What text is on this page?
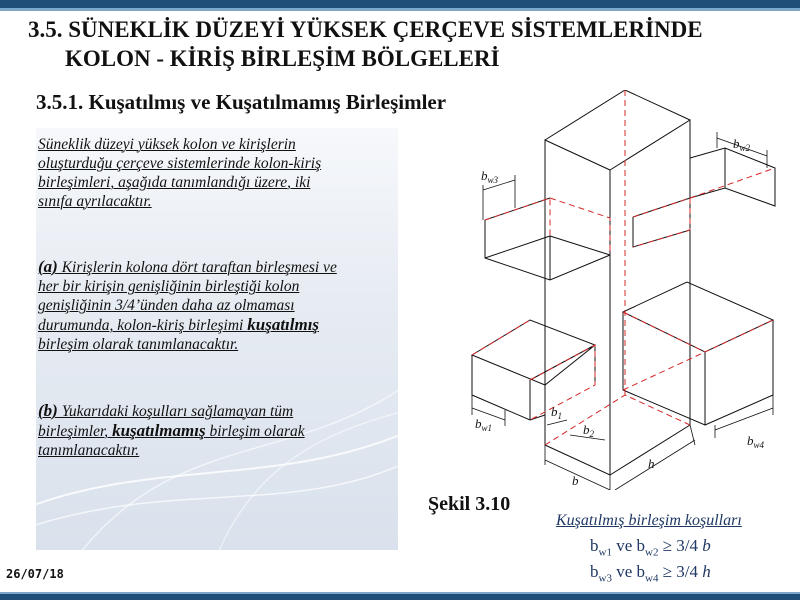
3.5. SÜNEKLİK DÜZEYİ YÜKSEK ÇERÇEVE SİSTEMLERİNDE
KOLON - KİRİŞ BİRLEŞİM BÖLGELERİ
3.5.1. Kuşatılmış ve Kuşatılmamış Birleşimler
Süneklik düzeyi yüksek kolon ve kirişlerin oluşturduğu çerçeve sistemlerinde kolon-kiriş birleşimleri, aşağıda tanımlandığı üzere, iki sınıfa ayrılacaktır.
(a) Kirişlerin kolona dört taraftan birleşmesi ve her bir kirişin genişliğinin birleştiği kolon genişliğinin 3/4’ünden daha az olmaması durumunda, kolon-kiriş birleşimi kuşatılmış birleşim olarak tanımlanacaktır.
(b) Yukarıdaki koşulları sağlamayan tüm birleşimler, kuşatılmamış birleşim olarak tanımlanacaktır.
$b_{w3}$
$b_{w2}$
$b_{w1}$
$b_{w4}$
$b_1$
$b_2$
b
h
Şekil 3.10
Kuşatılmış birleşim koşulları
$b_{w1}$ ve $b_{w2} \ge 3/4$ b
$b_{w3}$ ve $b_{w4} \ge 3/4$ h
26/07/18
